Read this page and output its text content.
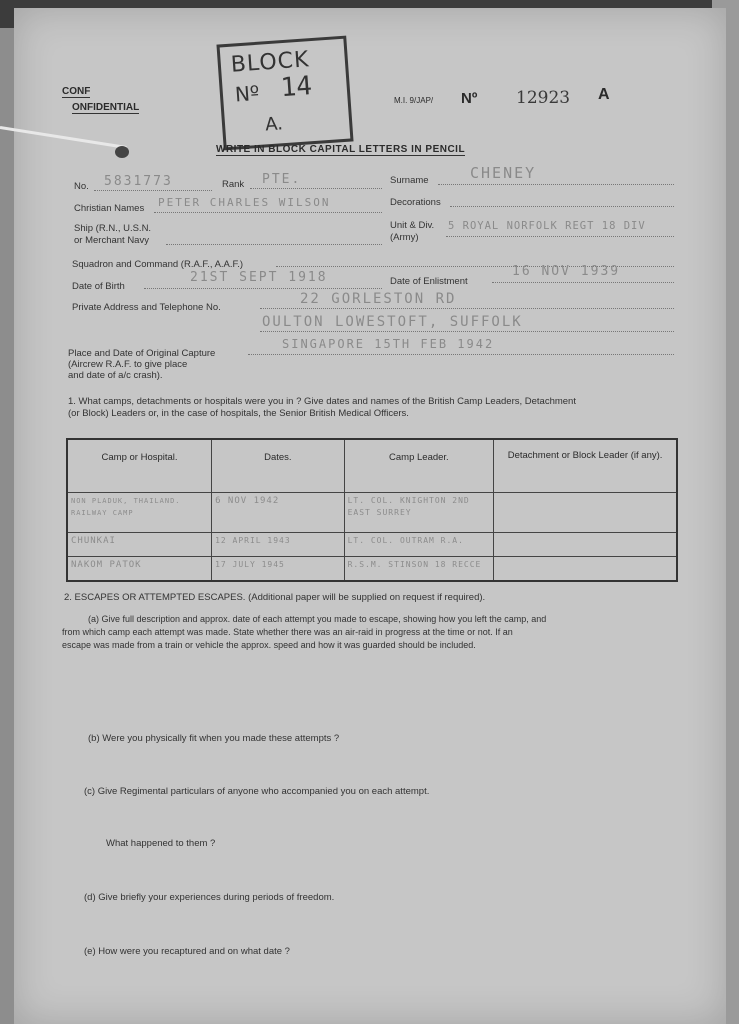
CONF
ONFIDENTIAL
BLOCK
Nº 14
A.
M.I. 9/JAP/ Nº 12923 A
WRITE IN BLOCK CAPITAL LETTERS IN PENCIL
No. 5831773	Rank PTE.	Surname	CHENEY
Christian Names PETER CHARLES WILSON	Decorations
Ship (R.N., U.S.N.
or Merchant Navy
Unit & Div.
(Army)
5 ROYAL NORFOLK REGT 18 DIV
Squadron and Command (R.A.F., A.A.F.)
Date of Birth
21ST SEPT 1918	Date of Enlistment
16 NOV 1939
Private Address and Telephone No.
22 GORLESTON RD
OULTON LOWESTOFT, SUFFOLK
Place and Date of Original Capture
(Aircrew R.A.F. to give place
and date of a/c crash).
SINGAPORE 15TH FEB 1942
1. What camps, detachments or hospitals were you in ? Give dates and names of the British Camp Leaders, Detachment
(or Block) Leaders or, in the case of hospitals, the Senior British Medical Officers.
Camp or Hospital.	Dates.	Camp Leader.	Detachment or Block Leader (if any).

NON PLADUK, THAILAND. RAILWAY CAMP	6 NOV 1942	LT. COL. KNIGHTON 2ND EAST SURREY	

CHUNKAI	12 APRIL 1943	LT. COL. OUTRAM R.A.	

NAKOM PATOK	17 JULY 1945	R.S.M. STINSON 18 RECCE	

2. ESCAPES OR ATTEMPTED ESCAPES. (Additional paper will be supplied on request if required).
(a) Give full description and approx. date of each attempt you made to escape, showing how you left the camp, and
from which camp each attempt was made. State whether there was an air-raid in progress at the time or not. If an
escape was made from a train or vehicle the approx. speed and how it was guarded should be included.
(b) Were you physically fit when you made these attempts ?
(c) Give Regimental particulars of anyone who accompanied you on each attempt.
What happened to them ?
(d) Give briefly your experiences during periods of freedom.
(e) How were you recaptured and on what date ?
